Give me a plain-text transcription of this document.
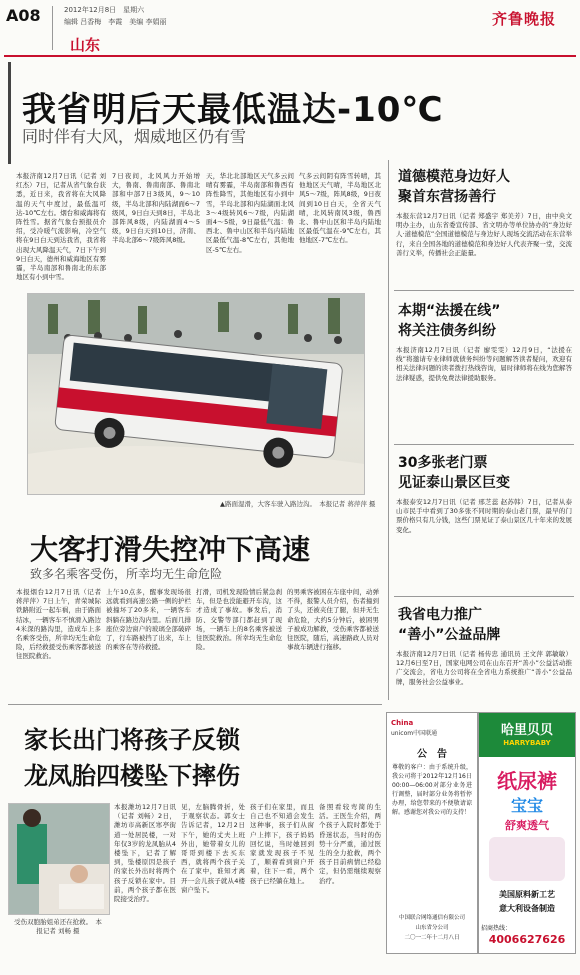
A08	2012年12月8日　星期六
编辑 吕香梅　李霞　美编 李娟丽
山东
齐鲁晚报
我省明后天最低温达-10℃
同时伴有大风，烟威地区仍有雪
本报济南12月7日讯（记者 刘红杰）7日，记者从省气象台获悉，近日来，我省将在大风降温的天气中度过，最低温可达-10℃左右。烟台和威海将有阵性雪。据省气象台预报员介绍，受冷暖气流影响，冷空气将在9日白天到达我省，我省将出现大风降温天气，7日下午到9日白天，德州和威海地区有雾霾，半岛南部和鲁南北的东部地区有小到中雪。
7日夜间，北风风力开始增大，鲁南、鲁南南部、鲁南北部和中部7日3级风，9～10级，半岛北部和内陆湖面6～7级风，9日白天到8日，半岛北部阵风8级，内陆湖面4～5级，9日白天到10日，济南、半岛北部6～7级阵风8级。
天，华北北部地区天气多云间晴有雾霾，半岛南部和鲁西有阵性降雪，其他地区有小到中雪，半岛北部和内陆湖面北风3～4级转风6～7级，内陆湖面4～5级，9日最低气温：鲁西北、鲁中山区和半岛内陆地区最低气温-8℃左右，其他地区-5℃左右。
气多云间阴有阵雪转晴，其他地区天气晴，半岛地区北风5～7级，阵风8级，9日夜间到10日白天，全省天气晴，北风转南风3级，鲁西北、鲁中山区和半岛内陆地区最低气温在-9℃左右，其他地区-7℃左右。
▲路面湿滑，大客车驶入路边沟。　本报记者 蒋萍萍 摄
大客打滑失控冲下高速
致多名乘客受伤，所幸均无生命危险
本报烟台12月7日讯（记者 蒋萍萍）7日上午，青荣城际铁路附近一起车祸，由于路面结冰，一辆客车不慎滑入路边4米深的路沟里，造成车上多名乘客受伤，所幸均无生命危险，后经救援受伤乘客都被送往医院救治。
上午10点多，醒事发现场很远就看到高速公路一侧的护栏被撞坏了20多米，一辆客车斜躺在路边沟内里。后面几排座位旁边窗户的玻璃全部破碎了，行车路被挡了出来，车上的乘客在等待救援。
打滑，司机发现险情后紧急刹车，但是也没能避开车沟，这才造成了事故。事发后，消防、交警等部门都赶到了现场，一辆车上的8名乘客被送往医院救治。所幸均无生命危险。
的男乘客被困在车座中间，动弹不得，报警人员介绍，伤者撞到了头，还被夹住了腿，但并无生命危险，大约5分钟后，被困男子被成功解救，受伤乘客都被送往医院，随后，高速路政人员对事故车辆进行拖移。
家长出门将孩子反锁
龙凤胎四楼坠下摔伤
受伤双胞胎姐弟还在抢救。　本报记者 刘畅 摄
本报潍坊12月7日讯（记者 刘畅）2日，潍坊市高新区寒亭街道一处居民楼，一对年仅3岁的龙凤胎从4楼坠下，记者了解到，坠楼原因是孩子的家长外出时将两个孩子反锁在家中。目前，两个孩子都在医院接受治疗。
见，左脑腾骨折，处于观察状态。郭女士告诉记者，12月2日下午，她的丈夫上班外出，她带着女儿的哥哥到楼下去买东西，就将两个孩子关在了家中，谁知才离开一会儿孩子就从4楼窗户坠下。
孩子们在家里，而且自己也不知道会发生这种事，孩子们从窗户上摔下，孩子妈妈回忆说，当时她回到家就发现孩子不见了，顺着看到窗户开着，往下一看，两个孩子已经躺在地上。
备照看较弯简的生活。王医生介绍，两个孩子入院时都处于昏迷状态，当时的伤势十分严重，通过医生的全力抢救，两个孩子目前病情已经稳定，但仍需继续观察治疗。
道德模范身边好人
聚首东营扬善行
本报东营12月7日讯（记者 郑盛宇 郑美芳）7日，由中央文明办主办，山东省委宣传部、省文明办等单位协办的“身边好人·道德模范”全国道德模范与身边好人现场交流活动在东营举行，来自全国各地的道德模范和身边好人代表齐聚一堂，交流善行义举，传播社会正能量。
本期“法援在线”
将关注债务纠纷
本报济南12月7日讯（记者 廖雯雯）12月9日，“法援在线”将邀请专业律师就债务纠纷等问题解答读者疑问，欢迎有相关法律问题的读者拨打热线咨询，届时律师将在线为您解答法律疑惑，提供免费法律援助服务。
30多张老门票
见证泰山景区巨变
本报泰安12月7日讯（记者 邢芝蕊 赵苏韩）7日，记者从泰山市民手中看到了30多张不同时期的泰山老门票，最早的门票价格只有几分钱，这些门票见证了泰山景区几十年来的发展变化。
我省电力推广
“善小”公益品牌
本报济南12月7日讯（记者 杨传忠 通讯员 王文萍 郭敏敏）12月6日至7日，国家电网公司在山东召开“善小”公益活动推广交流会，省电力公司将在全省电力系统推广“善小”公益品牌，服务社会公益事业。
China
unicom中国联通
公　告
尊敬的客户：由于系统升级，我公司将于2012年12月16日 00:00—06:00对部分业务进行调整，届时部分业务将暂停办理，给您带来的不便敬请谅解。感谢您对我公司的支持！
中国联合网络通信有限公司
山东省分公司
二〇一二年十二月八日
哈里贝贝
HARRYBABY
纸尿裤
宝宝
舒爽透气
美国原料新工艺
意大利设备制造
招商热线：
4006627626
